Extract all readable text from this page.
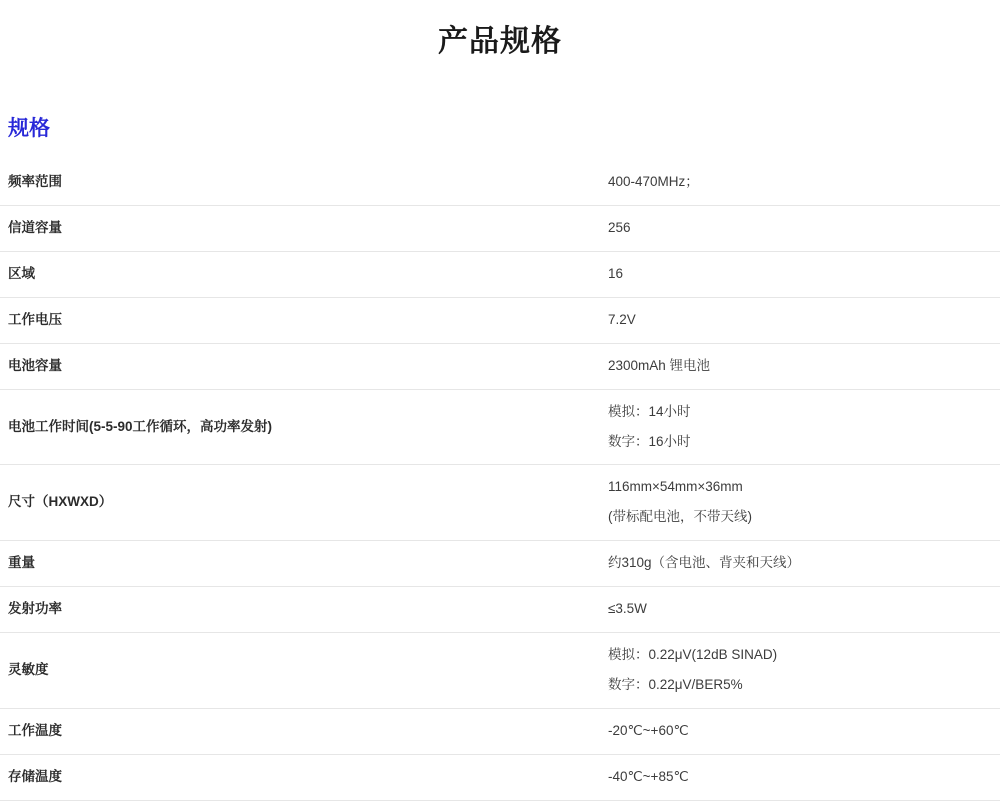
产品规格
规格
频率范围	400-470MHz；

信道容量	256

区域	16

工作电压	7.2V

电池容量	2300mAh 锂电池

电池工作时间(5-5-90工作循环，高功率发射)	模拟：14小时
数字：16小时

尺寸（HXWXD）	116mm×54mm×36mm
(带标配电池，不带天线)

重量	约310g（含电池、背夹和天线）

发射功率	≤3.5W

灵敏度	模拟：0.22μV(12dB SINAD)
数字：0.22μV/BER5%

工作温度	-20℃~+60℃

存储温度	-40℃~+85℃
